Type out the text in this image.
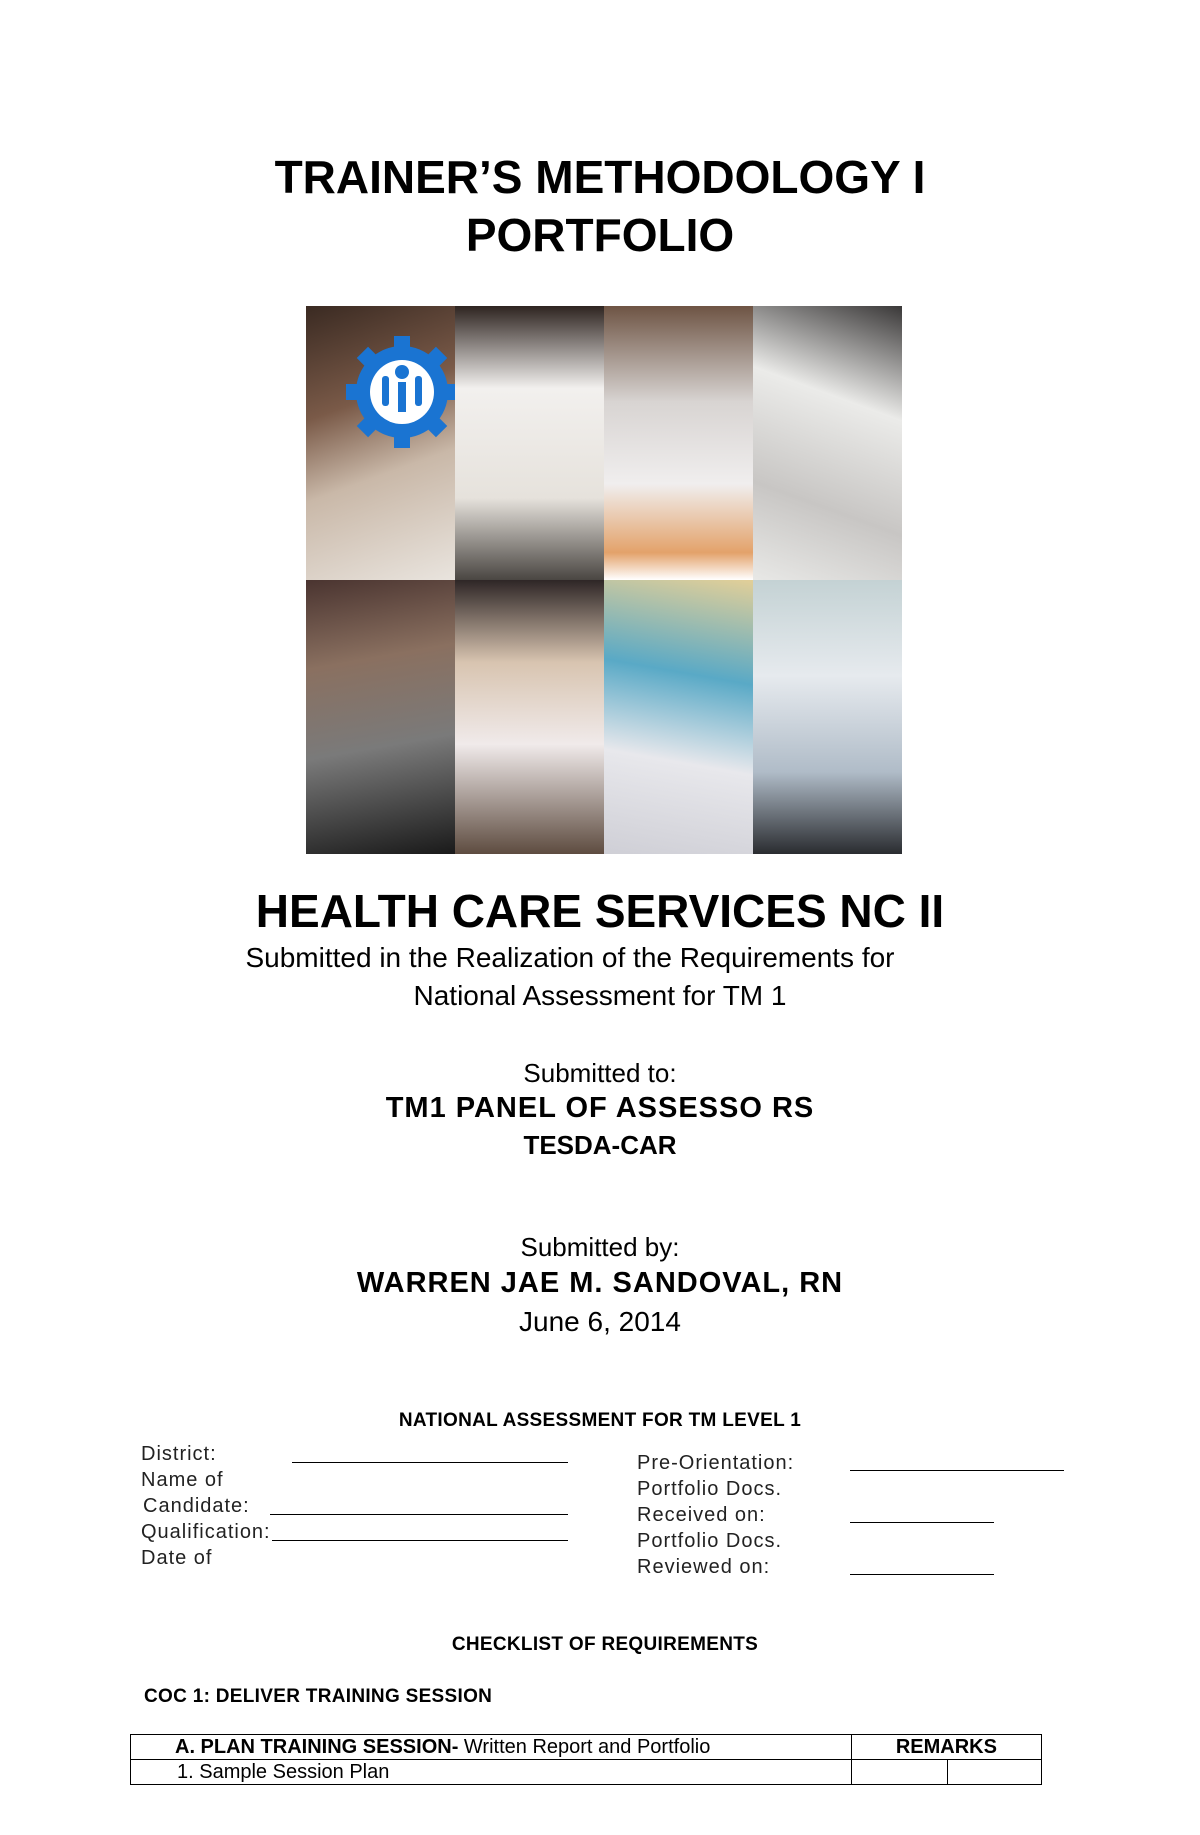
TRAINER’S METHODOLOGY I
PORTFOLIO
HEALTH CARE SERVICES NC II
Submitted in the Realization of the Requirements for
National Assessment for TM 1
Submitted to:
TM1 PANEL OF ASSESSO RS
TESDA-CAR
Submitted by:
WARREN JAE M. SANDOVAL, RN
June 6, 2014
NATIONAL ASSESSMENT FOR TM LEVEL 1
District:
Name of
Candidate:
Qualification:
Date of
Pre-Orientation:
Portfolio Docs.
Received on:
Portfolio Docs.
Reviewed on:
CHECKLIST OF REQUIREMENTS
COC 1: DELIVER TRAINING SESSION
A. PLAN TRAINING SESSION- Written Report and Portfolio	REMARKS	
1. Sample Session Plan		
